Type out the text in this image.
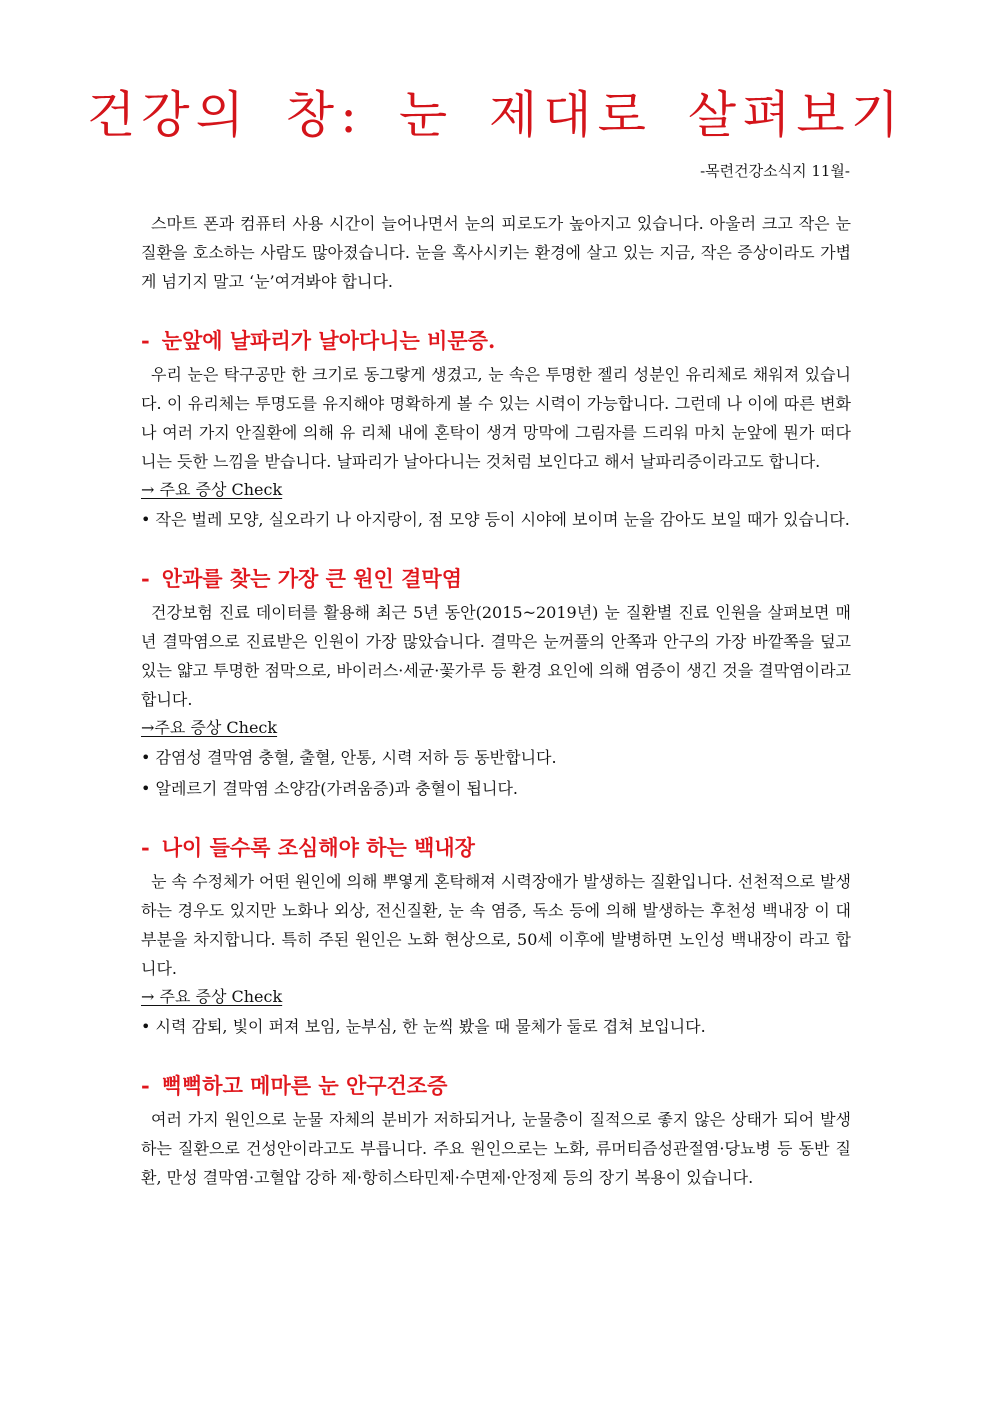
건강의 창: 눈 제대로 살펴보기
-목련건강소식지 11월-

스마트 폰과 컴퓨터 사용 시간이 늘어나면서 눈의 피로도가 높아지고 있습니다. 아울러 크고 작은 눈 질환을 호소하는 사람도 많아졌습니다. 눈을 혹사시키는 환경에 살고 있는 지금, 작은 증상이라도 가볍게 넘기지 말고 ‘눈’여겨봐야 합니다.

- 눈앞에 날파리가 날아다니는 비문증.

우리 눈은 탁구공만 한 크기로 동그랗게 생겼고, 눈 속은 투명한 젤리 성분인 유리체로 채워져 있습니다. 이 유리체는 투명도를 유지해야 명확하게 볼 수 있는 시력이 가능합니다. 그런데 나 이에 따른 변화나 여러 가지 안질환에 의해 유 리체 내에 혼탁이 생겨 망막에 그림자를 드리워 마치 눈앞에 뭔가 떠다니는 듯한 느낌을 받습니다. 날파리가 날아다니는 것처럼 보인다고 해서 날파리증이라고도 합니다.

→ 주요 증상 Check

• 작은 벌레 모양, 실오라기 나 아지랑이, 점 모양 등이 시야에 보이며 눈을 감아도 보일 때가 있습니다.

- 안과를 찾는 가장 큰 원인 결막염

건강보험 진료 데이터를 활용해 최근 5년 동안(2015~2019년) 눈 질환별 진료 인원을 살펴보면 매년 결막염으로 진료받은 인원이 가장 많았습니다. 결막은 눈꺼풀의 안쪽과 안구의 가장 바깥쪽을 덮고 있는 얇고 투명한 점막으로, 바이러스·세균·꽃가루 등 환경 요인에 의해 염증이 생긴 것을 결막염이라고 합니다.

→주요 증상 Check

• 감염성 결막염 충혈, 출혈, 안통, 시력 저하 등 동반합니다.

• 알레르기 결막염 소양감(가려움증)과 충혈이 됩니다.

- 나이 들수록 조심해야 하는 백내장

눈 속 수정체가 어떤 원인에 의해 뿌옇게 혼탁해져 시력장애가 발생하는 질환입니다. 선천적으로 발생하는 경우도 있지만 노화나 외상, 전신질환, 눈 속 염증, 독소 등에 의해 발생하는 후천성 백내장 이 대부분을 차지합니다. 특히 주된 원인은 노화 현상으로, 50세 이후에 발병하면 노인성 백내장이 라고 합니다.

→ 주요 증상 Check

• 시력 감퇴, 빛이 퍼져 보임, 눈부심, 한 눈씩 봤을 때 물체가 둘로 겹쳐 보입니다.

- 뻑뻑하고 메마른 눈 안구건조증

여러 가지 원인으로 눈물 자체의 분비가 저하되거나, 눈물층이 질적으로 좋지 않은 상태가 되어 발생하는 질환으로 건성안이라고도 부릅니다. 주요 원인으로는 노화, 류머티즘성관절염·당뇨병 등 동반 질환, 만성 결막염·고혈압 강하 제·항히스타민제·수면제·안정제 등의 장기 복용이 있습니다.
